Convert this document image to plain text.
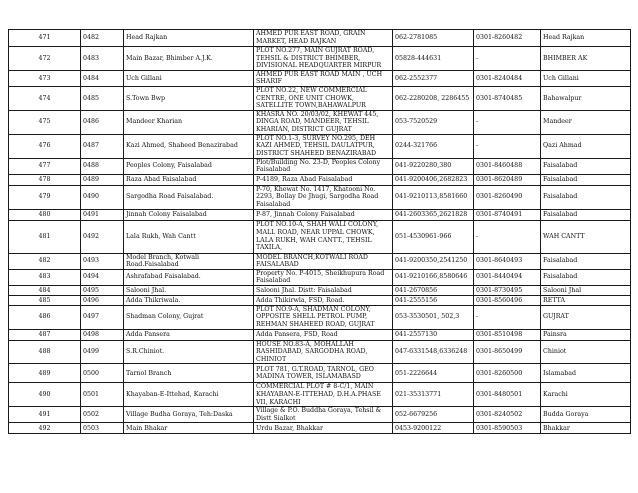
471	0482	Head Rajkan	AHMED PUR EAST ROAD, GRAIN MARKET, HEAD RAJKAN	062-2781085	0301-8260482	Head Rajkan
472	0483	Main Bazar, Bhimber A.J.K.	PLOT NO.277, MAIN GUJRAT ROAD, TEHSIL & DISTRICT BHIMBER, DIVISIONAL HEADQUARTER MIRPUR	05828-444631	-	BHIMBER AK
473	0484	Uch Gillani	AHMED PUR EAST ROAD MAIN , UCH SHARIF	062-2552377	0301-8240484	Uch Gillani
474	0485	S.Town Bwp	PLOT NO.22, NEW COMMERCIAL CENTRE, ONE UNIT CHOWK, SATELLITE TOWN,BAHAWALPUR	062-2280208, 2286455	0301-8740485	Bahawalpur
475	0486	Mandeer Kharian	KHASRA NO. 20/03/02, KHEWAT 445, DINGA ROAD, MANDEER, TEHSIL KHARIAN, DISTRICT GUJRAT	053-7520529	-	Mandeer
476	0487	Kazi Ahmed, Shaheed Benazirabad	PLOT NO.1-3, SURVEY NO.295, DEH KAZI AHMED, TEHSIL DAULATPUR, DISTRICT SHAHEED BENAZIRABAD	0244-321766	-	Qazi Ahmad
477	0488	Peoples Colony, Faisalabad	Plot/Building No. 23-D, Peoples Colony Faisalabad	041-9220280,380	0301-8460488	Faisalabad
478	0489	Raza Abad Faisalabad	P-4189, Raza Abad Faisalabad	041-9200406,2682823	0301-8620489	Faisalabad
479	0490	Sargodha Road Faisalabad.	P-70, Khewat No. 1417, Khatooni No. 2293, Bollay De Jhugi, Sargodha Road Faisalabad	041-9210113,8581660	0301-8260490	Faisalabad
480	0491	Jinnah Colony Faisalabad	P-87, Jinnah Colony Faisalabad	041-2603365,2621828	0301-8740491	Faisalabad
481	0492	Lala Rukh, Wah Cantt	PLOT NO.10-A, SHAH WALI COLONY, MALL ROAD, NEAR UPPAL CHOWK, LALA RUKH, WAH CANTT., TEHSIL TAXILA,	051-4530961-966	-	WAH CANTT
482	0493	Model Branch, Kotwali Road.Faisalabad	MODEL BRANCH,KOTWALI ROAD FAISALABAD	041-9200350,2541250	0301-8640493	Faisalabad
483	0494	Ashrafabad Faisalabad.	Property No. P-4015, Sheikhupura Road Faisalabad	041-9210166,8580646	0301-8440494	Faisalabad
484	0495	Salooni Jhal.	Salooni Jhal. Distt: Faisalabad	041-2670856	0301-8730495	Salooni Jhal
485	0496	Adda Thikriwala.	Adda Thikirwla, FSD, Road.	041-2555156	0301-8560496	RETTA
486	0497	Shadman Colony, Gujrat	PLOT NO.9-A, SHADMAN COLONY, OPPOSITE SHELL PETROL PUMP, REHMAN SHAHEED ROAD, GUJRAT	053-3530501, 502,3	-	GUJRAT
487	0498	Adda Pansera	Adda Pansera, FSD, Road	041-2557130	0301-8510498	Painsra
488	0499	S.R.Chiniot.	HOUSE NO.83-A, MOHALLAH RASHIDABAD, SARGODHA ROAD, CHINIOT	047-6331548,6336248	0301-8650499	Chiniot
489	0500	Tarnol Branch	PLOT 781, G.T.ROAD, TARNOL, GEO MADINA TOWER, ISLAMABASD	051-2226644	0301-8260500	Islamabad
490	0501	Khayaban-E-Ittehad, Karachi	COMMERCIAL PLOT # 8-C/1, MAIN KHAYABAN-E-ITTEHAD, D.H.A.PHASE VII, KARACHI	021-35313771	0301-8480501	Karachi
491	0502	Village Budha Goraya, Teh:Daska	Village & P.O. Buddha Goraya, Tehsil & Distt Sialkot	052-6679256	0301-8240502	Budda Goraya
492	0503	Main Bhakar	Urdu Bazar, Bhakkar	0453-9200122	0301-8590503	Bhakkar
